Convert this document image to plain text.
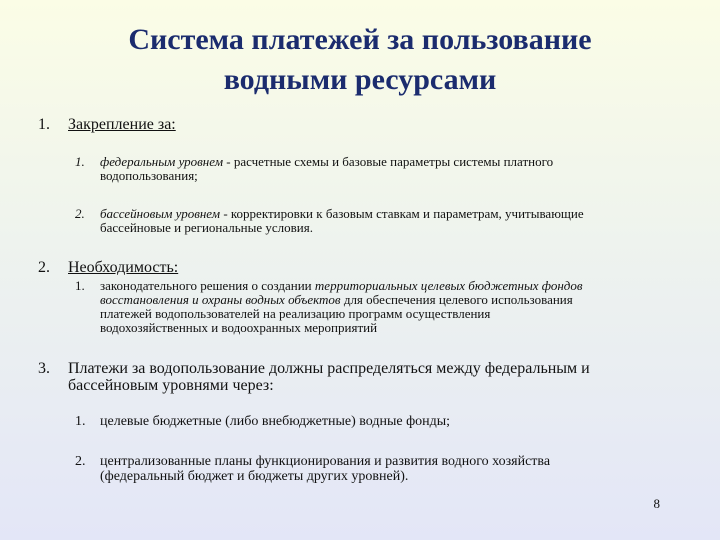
Система платежей за пользование
водными ресурсами
1. Закрепление за:
1. федеральным уровнем - расчетные схемы и базовые параметры системы платного
водопользования;
2. бассейновым уровнем - корректировки к базовым ставкам и параметрам, учитывающие
бассейновые и региональные условия.
2. Необходимость:
1. законодательного решения о создании территориальных целевых бюджетных фондов
восстановления и охраны водных объектов для обеспечения целевого использования
платежей водопользователей на реализацию программ осуществления
водохозяйственных и водоохранных мероприятий
3. Платежи за водопользование должны распределяться между федеральным и
бассейновым уровнями через:
1. целевые бюджетные (либо внебюджетные) водные фонды;
2. централизованные планы функционирования и развития водного хозяйства
(федеральный бюджет и бюджеты других уровней).
8
